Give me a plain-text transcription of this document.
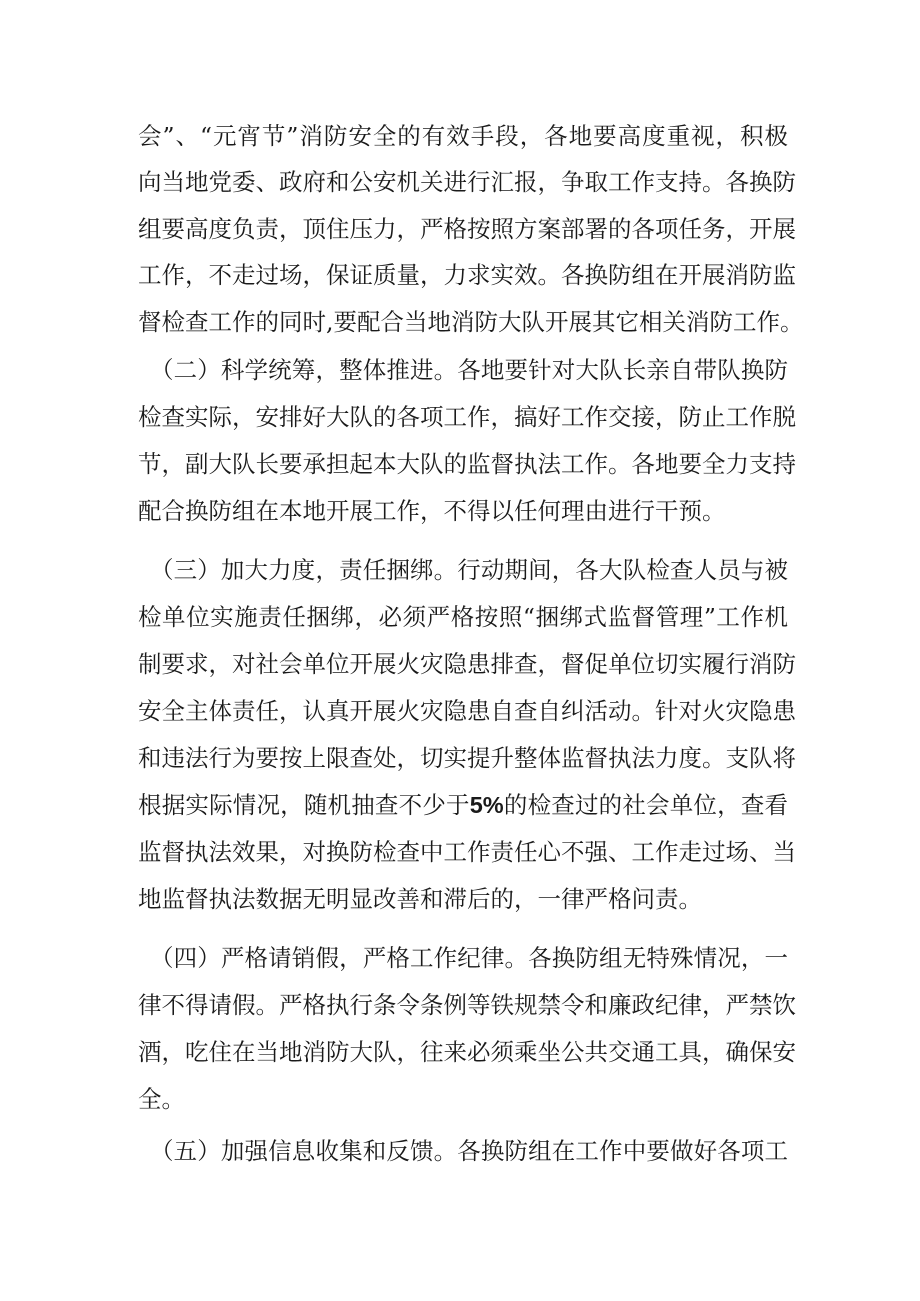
会”、“元宵节”消防安全的有效手段，各地要高度重视，积极
向当地党委、政府和公安机关进行汇报，争取工作支持。各换防
组要高度负责，顶住压力，严格按照方案部署的各项任务，开展
工作，不走过场，保证质量，力求实效。各换防组在开展消防监
督检查工作的同时,要配合当地消防大队开展其它相关消防工作。
（二）科学统筹，整体推进。各地要针对大队长亲自带队换防
检查实际，安排好大队的各项工作，搞好工作交接，防止工作脱
节，副大队长要承担起本大队的监督执法工作。各地要全力支持
配合换防组在本地开展工作，不得以任何理由进行干预。
（三）加大力度，责任捆绑。行动期间，各大队检查人员与被
检单位实施责任捆绑，必须严格按照“捆绑式监督管理”工作机
制要求，对社会单位开展火灾隐患排查，督促单位切实履行消防
安全主体责任，认真开展火灾隐患自查自纠活动。针对火灾隐患
和违法行为要按上限查处，切实提升整体监督执法力度。支队将
根据实际情况，随机抽查不少于5%的检查过的社会单位，查看
监督执法效果，对换防检查中工作责任心不强、工作走过场、当
地监督执法数据无明显改善和滞后的，一律严格问责。
（四）严格请销假，严格工作纪律。各换防组无特殊情况，一
律不得请假。严格执行条令条例等铁规禁令和廉政纪律，严禁饮
酒，吃住在当地消防大队，往来必须乘坐公共交通工具，确保安
全。
（五）加强信息收集和反馈。各换防组在工作中要做好各项工
